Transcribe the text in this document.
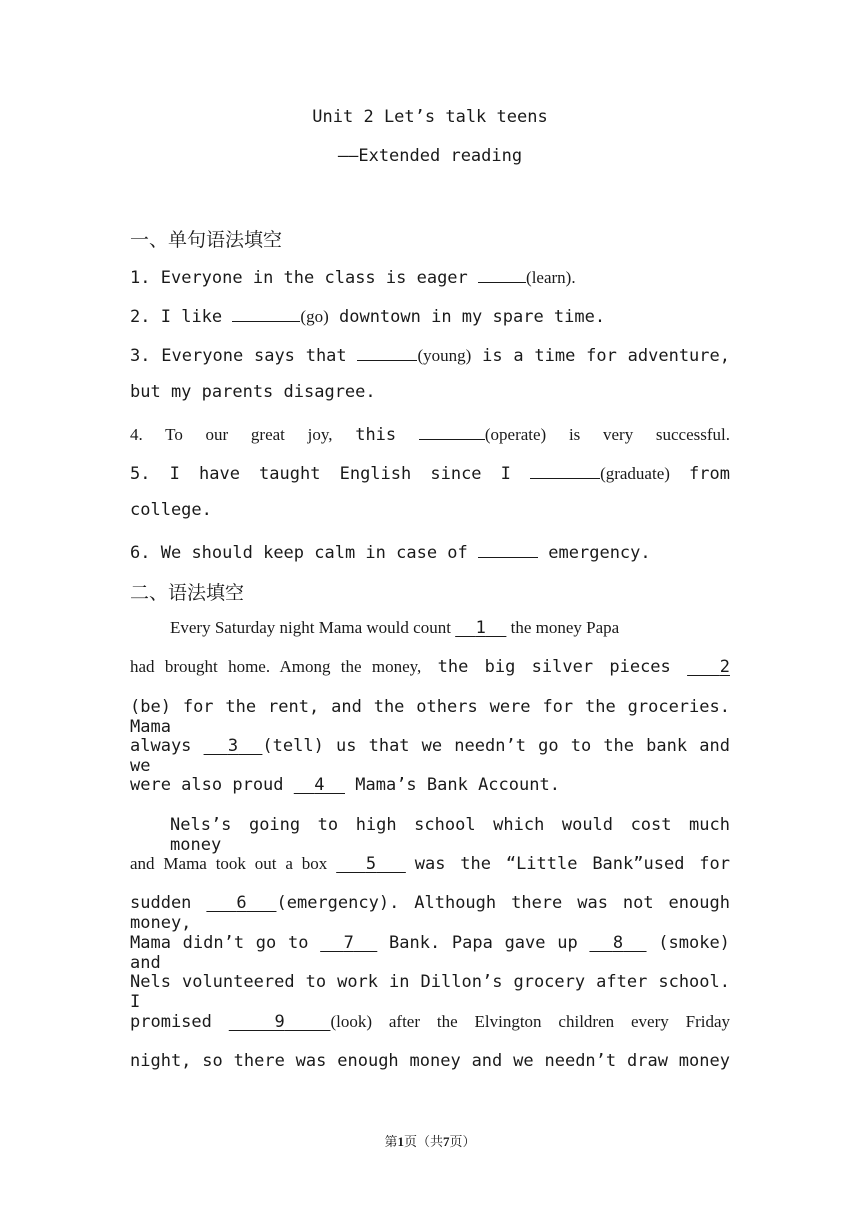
Unit 2 Let’s talk teens
——Extended reading
一、单句语法填空
1. Everyone in the class is eager	(learn).
2. I like	(go) downtown in my spare time.
3. Everyone says that	(young) is a time for adventure,
but my parents disagree.
4. To our great joy, this	(operate) is very successful.
5. I have taught English since I	(graduate) from
college.
6. We should keep calm in case of	emergency.
二、语法填空
Every Saturday night Mama would count 1 the money Papa
had brought home. Among the money, the big silver pieces	2
(be) for the rent, and the others were for the groceries. Mama
always 3 (tell) us that we needn’t go to the bank and we
were also proud 4 Mama’s Bank Account.
Nels’s going to high school which would cost much money
and Mama took out a box 5 was the “Little Bank”used for
sudden	6 (emergency). Although there was not enough money,
Mama didn’t go to 7 Bank. Papa gave up 8 (smoke) and
Nels volunteered to work in Dillon’s grocery after school. I
promised	9	(look) after the Elvington children every Friday
night, so there was enough money and we needn’t draw money
第1页（共7页）
